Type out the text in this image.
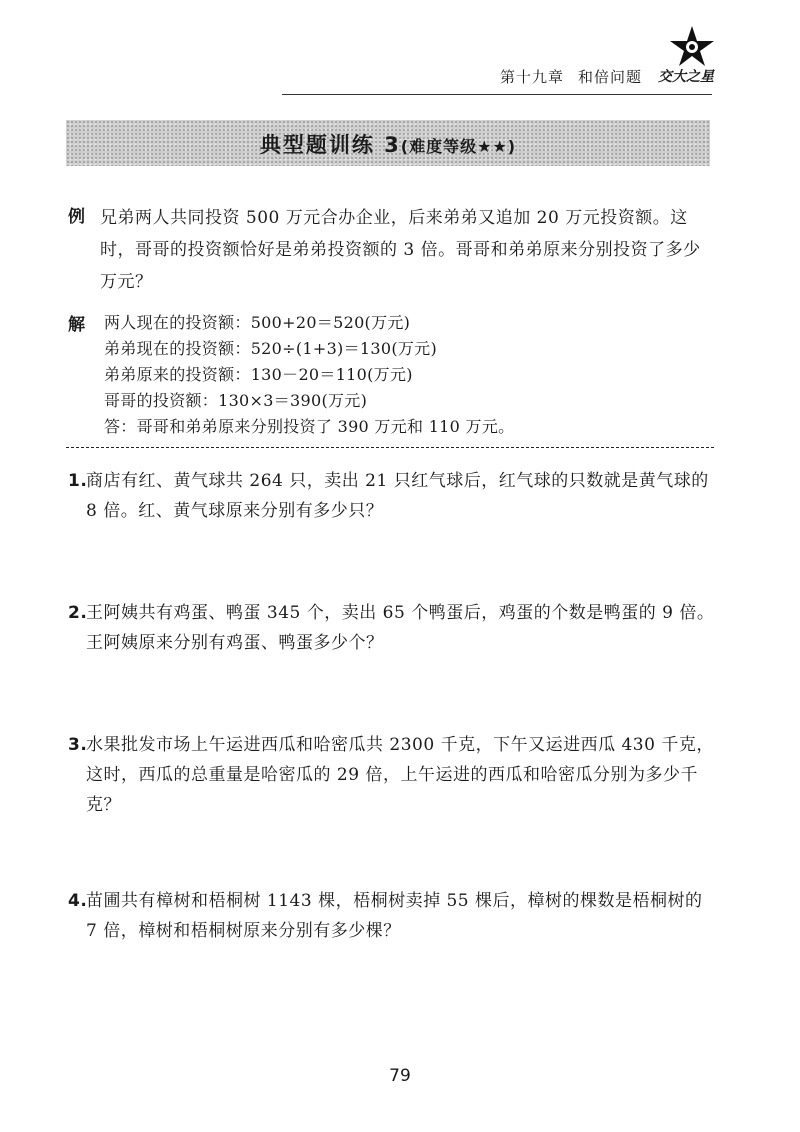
第十九章 和倍问题 交大之星
典型题训练 3(难度等级★★)
例 兄弟两人共同投资 500 万元合办企业，后来弟弟又追加 20 万元投资额。这时，哥哥的投资额恰好是弟弟投资额的 3 倍。哥哥和弟弟原来分别投资了多少万元？
解 两人现在的投资额：500+20＝520(万元)
弟弟现在的投资额：520÷(1+3)＝130(万元)
弟弟原来的投资额：130－20＝110(万元)
哥哥的投资额：130×3＝390(万元)
答：哥哥和弟弟原来分别投资了 390 万元和 110 万元。
1.
商店有红、黄气球共 264 只，卖出 21 只红气球后，红气球的只数就是黄气球的 8 倍。红、黄气球原来分别有多少只？
2.
王阿姨共有鸡蛋、鸭蛋 345 个，卖出 65 个鸭蛋后，鸡蛋的个数是鸭蛋的 9 倍。王阿姨原来分别有鸡蛋、鸭蛋多少个？
3.
水果批发市场上午运进西瓜和哈密瓜共 2300 千克，下午又运进西瓜 430 千克，这时，西瓜的总重量是哈密瓜的 29 倍，上午运进的西瓜和哈密瓜分别为多少千克？
4.
苗圃共有樟树和梧桐树 1143 棵，梧桐树卖掉 55 棵后，樟树的棵数是梧桐树的 7 倍，樟树和梧桐树原来分别有多少棵？
79
